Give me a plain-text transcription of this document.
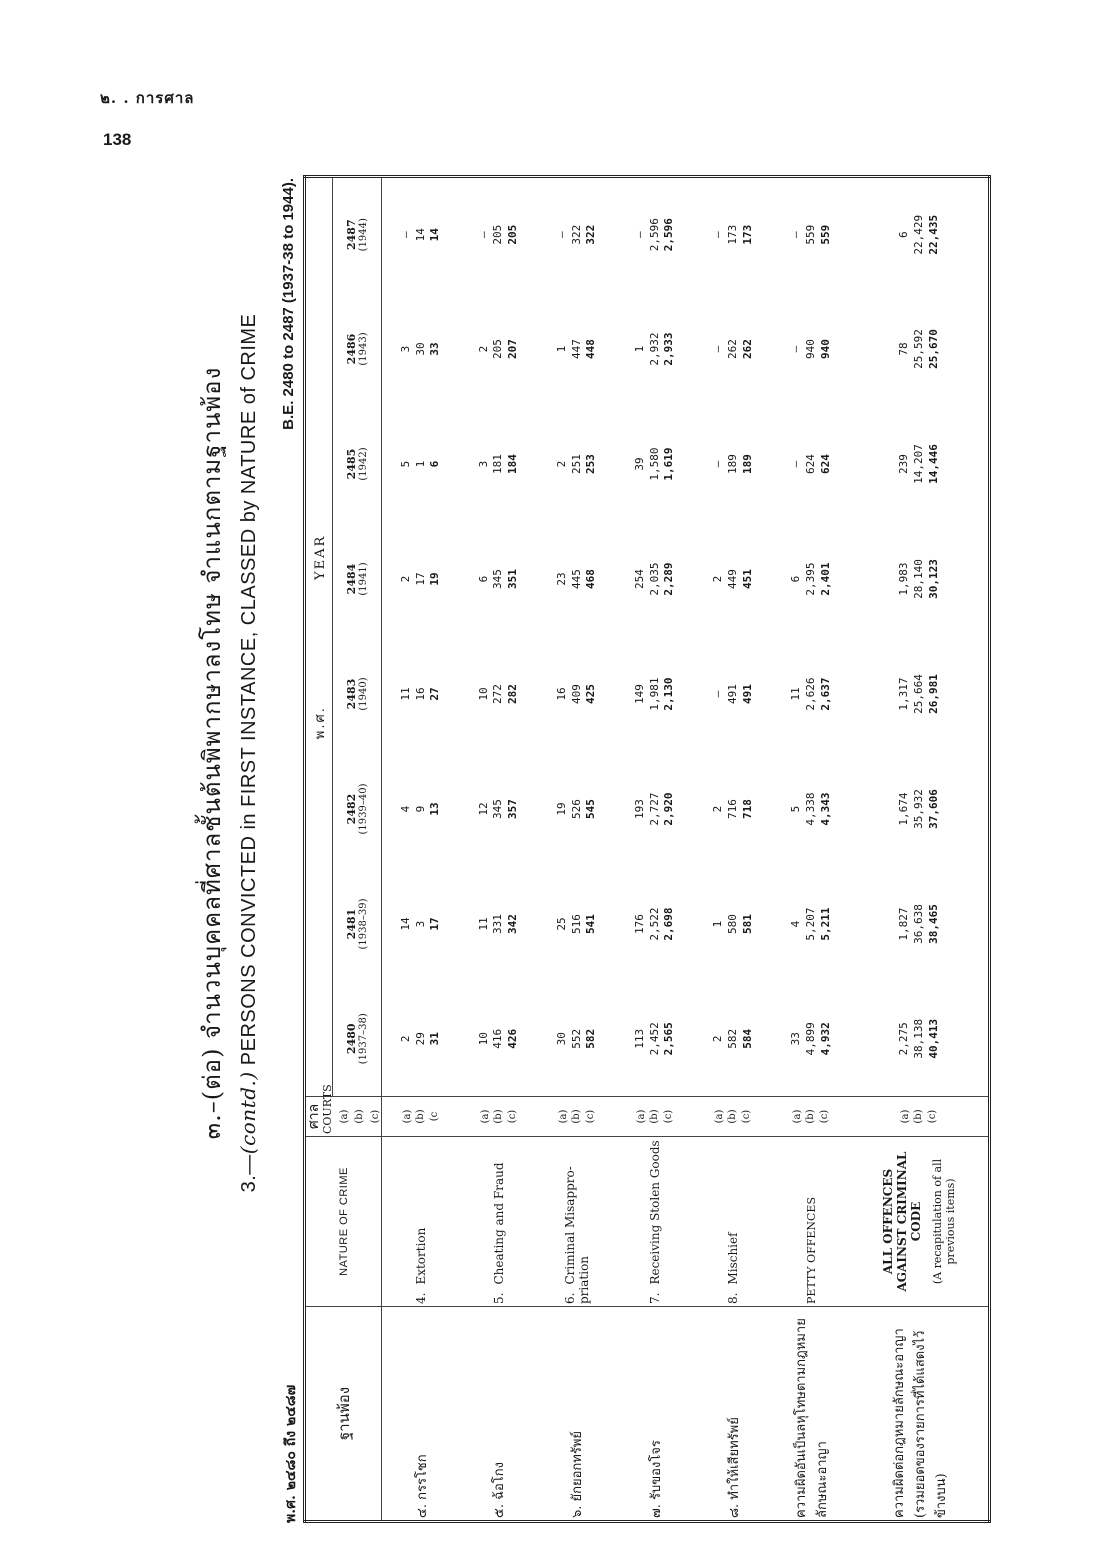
๒. . การศาล
138
๓.–(ต่อ) จำนวนบุคคลที่ศาลชั้นต้นพิพากษาลงโทษ จำแนกตามฐานพ้อง
3.—(contd.) PERSONS CONVICTED in FIRST INSTANCE, CLASSED by NATURE of CRIME
พ.ศ. ๒๔๘๐ ถึง ๒๔๘๗
B.E. 2480 to 2487 (1937-38 to 1944).
ฐานพ้อง	NATURE OF CRIME	ศาล COURTS (a) (b) (c)	พ.ศ. YEAR							
			2480 (1937–38)	2481 (1938–39)	2482 (1939–40)	2483 (1940)	2484 (1941)	2485 (1942)	2486 (1943)	2487 (1944)

๔. กรรโชก	4.Extortion	(a) (b) (c	2 29 31	14 3 17	4 9 13	11 16 27	2 17 19	5 1 6	3 30 33	— 14 14

๕. ฉ้อโกง	5.Cheating and Fraud	(a) (b) (c)	10 416 426	11 331 342	12 345 357	10 272 282	6 345 351	3 181 184	2 205 207	— 205 205

๖. ยักยอกทรัพย์	6.Criminal Misappro-priation	(a) (b) (c)	30 552 582	25 516 541	19 526 545	16 409 425	23 445 468	2 251 253	1 447 448	— 322 322

๗. รับของโจร	7.Receiving Stolen Goods	(a) (b) (c)	113 2,452 2,565	176 2,522 2,698	193 2,727 2,920	149 1,981 2,130	254 2,035 2,289	39 1,580 1,619	1 2,932 2,933	— 2,596 2,596

๘. ทำให้เสียทรัพย์	8.Mischief	(a) (b) (c)	2 582 584	1 580 581	2 716 718	— 491 491	2 449 451	— 189 189	— 262 262	— 173 173

ความผิดอันเป็นลหุโทษตามกฎหมายลักษณะอาญา	PETTY OFFENCES	(a) (b) (c)	33 4,899 4,932	4 5,207 5,211	5 4,338 4,343	11 2,626 2,637	6 2,395 2,401	— 624 624	— 940 940	— 559 559

ความผิดต่อกฎหมายลักษณะอาญา (รวมยอดของรายการที่ได้แสดงไว้ข้างบน)	ALL OFFENCES AGAINST CRIMINAL CODE (A recapitulation of all previous items)	(a) (b) (c)	2,275 38,138 40,413	1,827 36,638 38,465	1,674 35,932 37,606	1,317 25,664 26,981	1,983 28,140 30,123	239 14,207 14,446	78 25,592 25,670	6 22,429 22,435
